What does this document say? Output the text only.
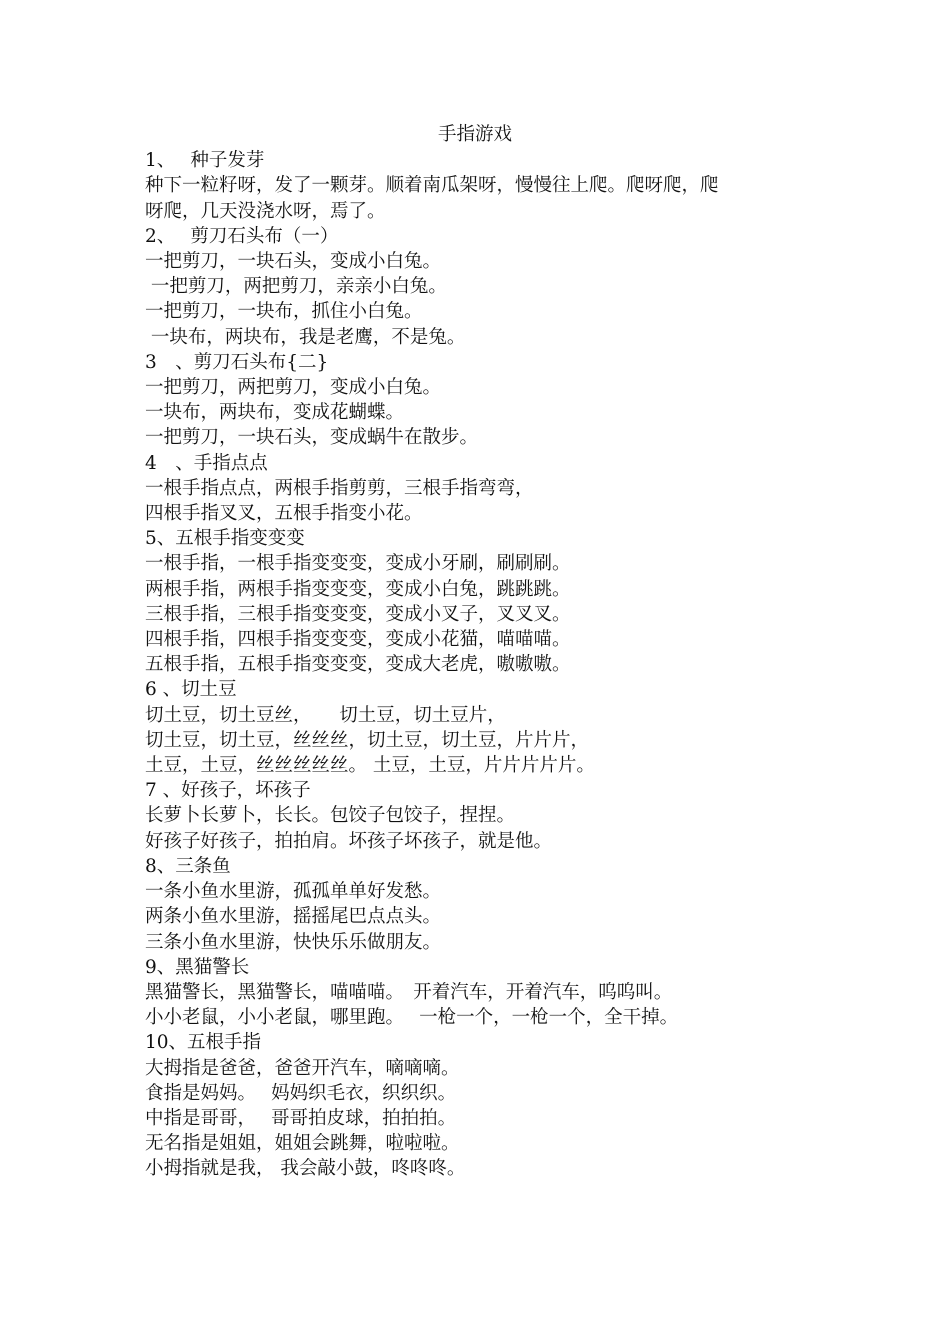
手指游戏
1、　 种子发芽
种下一粒籽呀，发了一颗芽。顺着南瓜架呀，慢慢往上爬。爬呀爬，爬
呀爬，几天没浇水呀，焉了。
2、　 剪刀石头布（一）
一把剪刀，一块石头，变成小白兔。
一把剪刀，两把剪刀，亲亲小白兔。
一把剪刀，一块布，抓住小白兔。
一块布，两块布，我是老鹰，不是兔。
3　、剪刀石头布{二}
一把剪刀，两把剪刀，变成小白兔。
一块布，两块布，变成花蝴蝶。
一把剪刀，一块石头，变成蜗牛在散步。
4　、手指点点
一根手指点点，两根手指剪剪，三根手指弯弯，
四根手指叉叉，五根手指变小花。
5、五根手指变变变
一根手指，一根手指变变变，变成小牙刷，刷刷刷。
两根手指，两根手指变变变，变成小白兔，跳跳跳。
三根手指，三根手指变变变，变成小叉子，叉叉叉。
四根手指，四根手指变变变，变成小花猫，喵喵喵。
五根手指，五根手指变变变，变成大老虎，嗷嗷嗷。
6 、切土豆
切土豆，切土豆丝，　　切土豆，切土豆片，
切土豆，切土豆，丝丝丝，切土豆，切土豆，片片片，
土豆，土豆，丝丝丝丝丝。 土豆，土豆，片片片片片。
7 、好孩子，坏孩子
长萝卜长萝卜，长长。包饺子包饺子，捏捏。
好孩子好孩子，拍拍肩。坏孩子坏孩子，就是他。
8、三条鱼
一条小鱼水里游，孤孤单单好发愁。
两条小鱼水里游，摇摇尾巴点点头。
三条小鱼水里游，快快乐乐做朋友。
9、黑猫警长
黑猫警长，黑猫警长，喵喵喵。　开着汽车，开着汽车，呜呜叫。
小小老鼠，小小老鼠，哪里跑。　 一枪一个，一枪一个，全干掉。
10、五根手指
大拇指是爸爸，爸爸开汽车，嘀嘀嘀。
食指是妈妈。　 妈妈织毛衣，织织织。
中指是哥哥，　 哥哥拍皮球，拍拍拍。
无名指是姐姐，姐姐会跳舞，啦啦啦。
小拇指就是我， 我会敲小鼓，咚咚咚。
